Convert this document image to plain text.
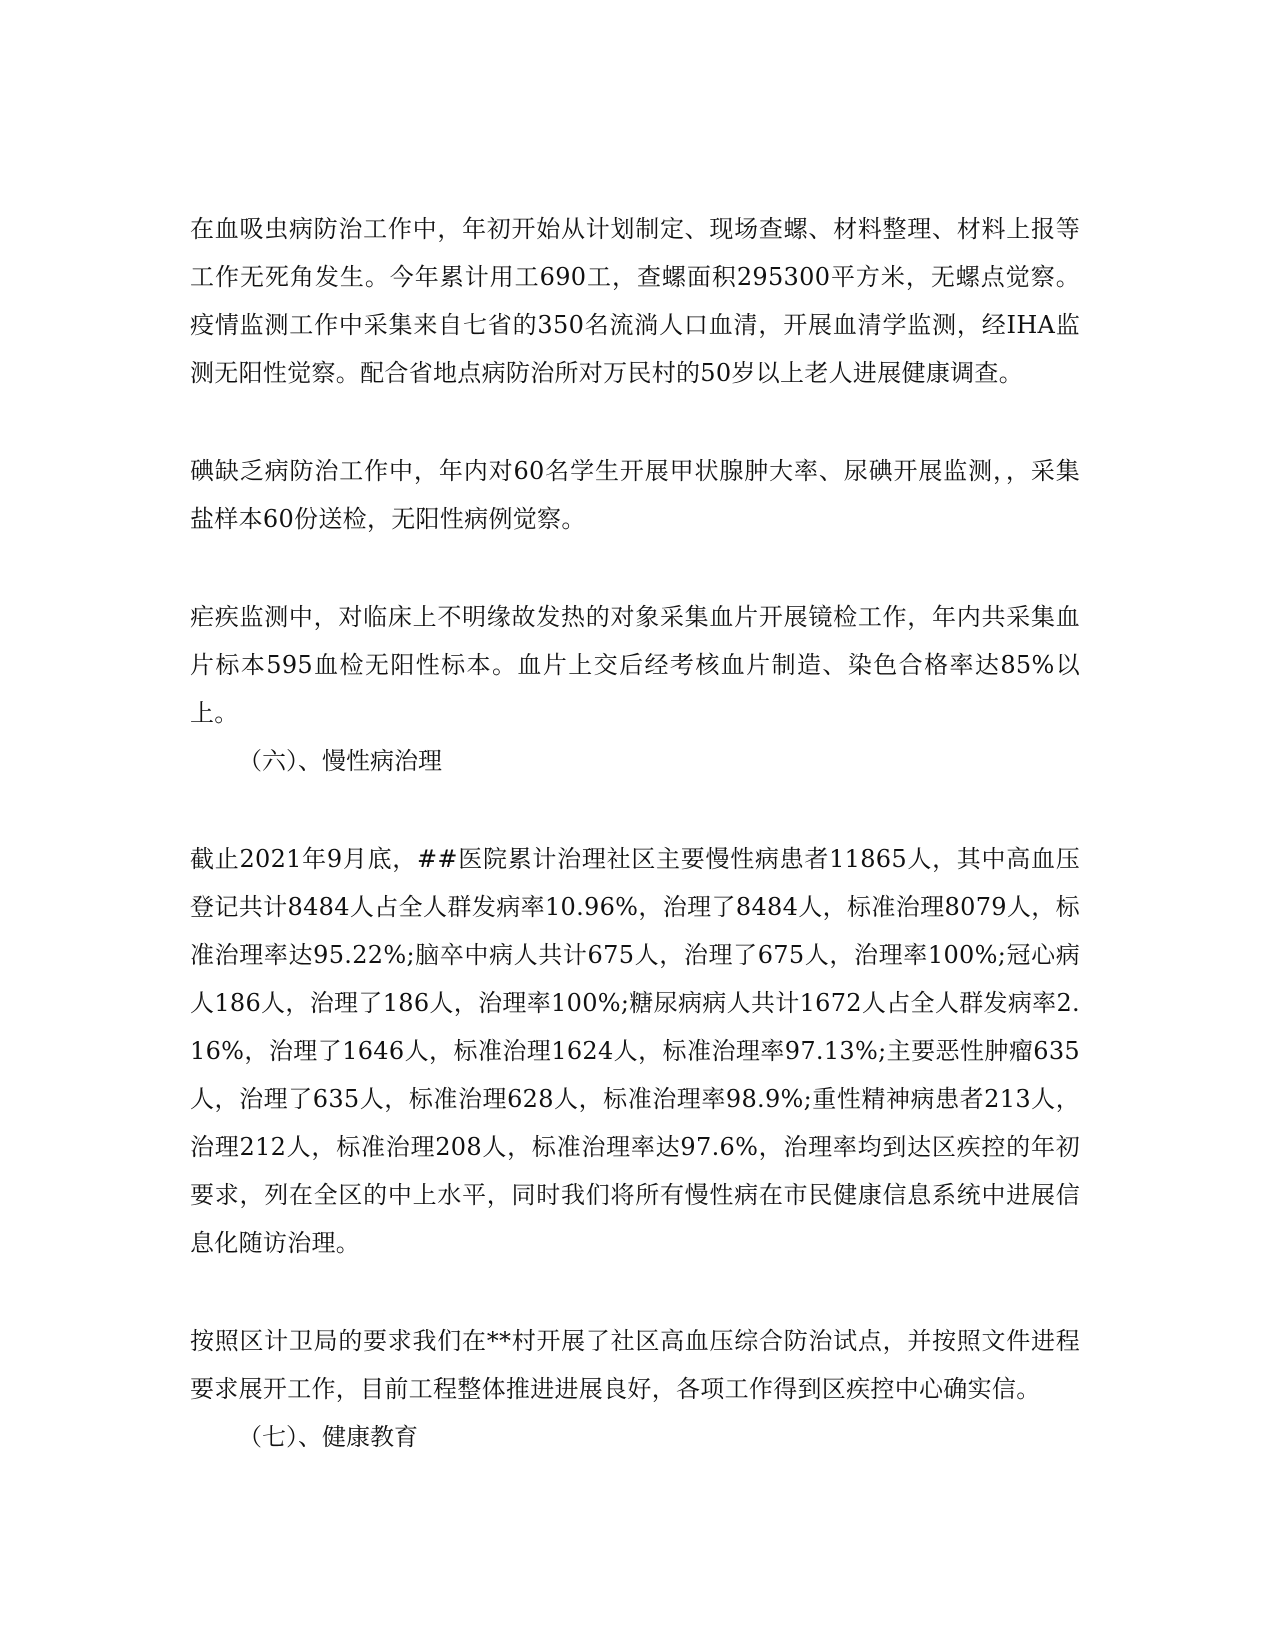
在血吸虫病防治工作中，年初开始从计划制定、现场查螺、材料整理、材料上报等工作无死角发生。今年累计用工690工，查螺面积295300平方米，无螺点觉察。疫情监测工作中采集来自七省的350名流淌人口血清，开展血清学监测，经IHA监测无阳性觉察。配合省地点病防治所对万民村的50岁以上老人进展健康调查。

碘缺乏病防治工作中，年内对60名学生开展甲状腺肿大率、尿碘开展监测，，采集盐样本60份送检，无阳性病例觉察。

疟疾监测中，对临床上不明缘故发热的对象采集血片开展镜检工作，年内共采集血片标本595血检无阳性标本。血片上交后经考核血片制造、染色合格率达85%以上。

（六）、慢性病治理

截止2021年9月底，##医院累计治理社区主要慢性病患者11865人，其中高血压登记共计8484人占全人群发病率10.96%，治理了8484人，标准治理8079人，标准治理率达95.22%;脑卒中病人共计675人，治理了675人，治理率100%;冠心病人186人，治理了186人，治理率100%;糖尿病病人共计1672人占全人群发病率2.16%，治理了1646人，标准治理1624人，标准治理率97.13%;主要恶性肿瘤635人，治理了635人，标准治理628人，标准治理率98.9%;重性精神病患者213人，治理212人，标准治理208人，标准治理率达97.6%，治理率均到达区疾控的年初要求，列在全区的中上水平，同时我们将所有慢性病在市民健康信息系统中进展信息化随访治理。

按照区计卫局的要求我们在**村开展了社区高血压综合防治试点，并按照文件进程要求展开工作，目前工程整体推进进展良好，各项工作得到区疾控中心确实信。

（七）、健康教育
